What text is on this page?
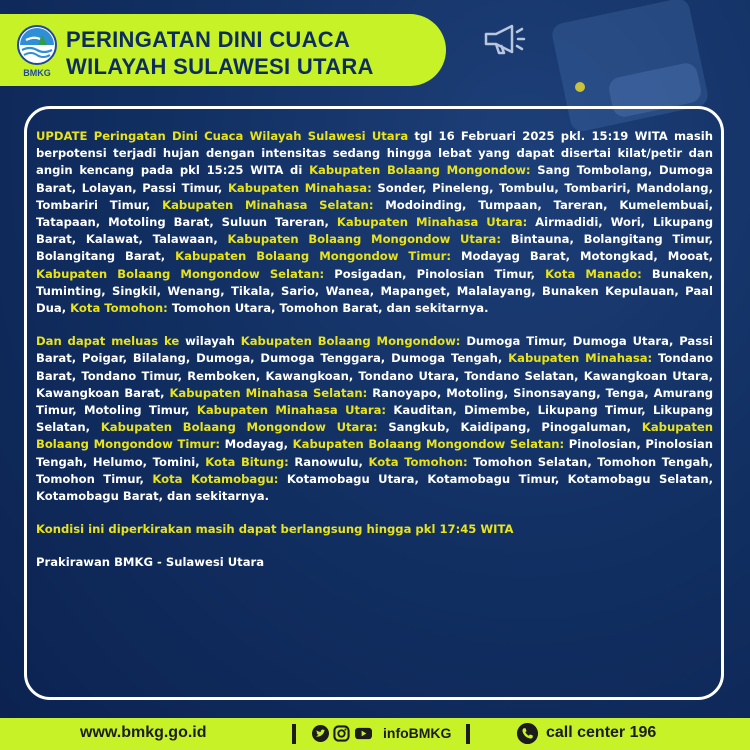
BMKG
PERINGATAN DINI CUACA
WILAYAH SULAWESI UTARA

UPDATE Peringatan Dini Cuaca Wilayah Sulawesi Utara tgl 16 Februari 2025 pkl. 15:19 WITA masih berpotensi terjadi hujan dengan intensitas sedang hingga lebat yang dapat disertai kilat/petir dan angin kencang pada pkl 15:25 WITA di Kabupaten Bolaang Mongondow: Sang Tombolang, Dumoga Barat, Lolayan, Passi Timur, Kabupaten Minahasa: Sonder, Pineleng, Tombulu, Tombariri, Mandolang, Tombariri Timur, Kabupaten Minahasa Selatan: Modoinding, Tumpaan, Tareran, Kumelembuai, Tatapaan, Motoling Barat, Suluun Tareran, Kabupaten Minahasa Utara: Airmadidi, Wori, Likupang Barat, Kalawat, Talawaan, Kabupaten Bolaang Mongondow Utara: Bintauna, Bolangitang Timur, Bolangitang Barat, Kabupaten Bolaang Mongondow Timur: Modayag Barat, Motongkad, Mooat, Kabupaten Bolaang Mongondow Selatan: Posigadan, Pinolosian Timur, Kota Manado: Bunaken, Tuminting, Singkil, Wenang, Tikala, Sario, Wanea, Mapanget, Malalayang, Bunaken Kepulauan, Paal Dua, Kota Tomohon: Tomohon Utara, Tomohon Barat, dan sekitarnya.

Dan dapat meluas ke wilayah Kabupaten Bolaang Mongondow: Dumoga Timur, Dumoga Utara, Passi Barat, Poigar, Bilalang, Dumoga, Dumoga Tenggara, Dumoga Tengah, Kabupaten Minahasa: Tondano Barat, Tondano Timur, Remboken, Kawangkoan, Tondano Utara, Tondano Selatan, Kawangkoan Utara, Kawangkoan Barat, Kabupaten Minahasa Selatan: Ranoyapo, Motoling, Sinonsayang, Tenga, Amurang Timur, Motoling Timur, Kabupaten Minahasa Utara: Kauditan, Dimembe, Likupang Timur, Likupang Selatan, Kabupaten Bolaang Mongondow Utara: Sangkub, Kaidipang, Pinogaluman, Kabupaten Bolaang Mongondow Timur: Modayag, Kabupaten Bolaang Mongondow Selatan: Pinolosian, Pinolosian Tengah, Helumo, Tomini, Kota Bitung: Ranowulu, Kota Tomohon: Tomohon Selatan, Tomohon Tengah, Tomohon Timur, Kota Kotamobagu: Kotamobagu Utara, Kotamobagu Timur, Kotamobagu Selatan, Kotamobagu Barat, dan sekitarnya.

Kondisi ini diperkirakan masih dapat berlangsung hingga pkl 17:45 WITA

Prakirawan BMKG - Sulawesi Utara

www.bmkg.go.id	infoBMKG	call center 196
